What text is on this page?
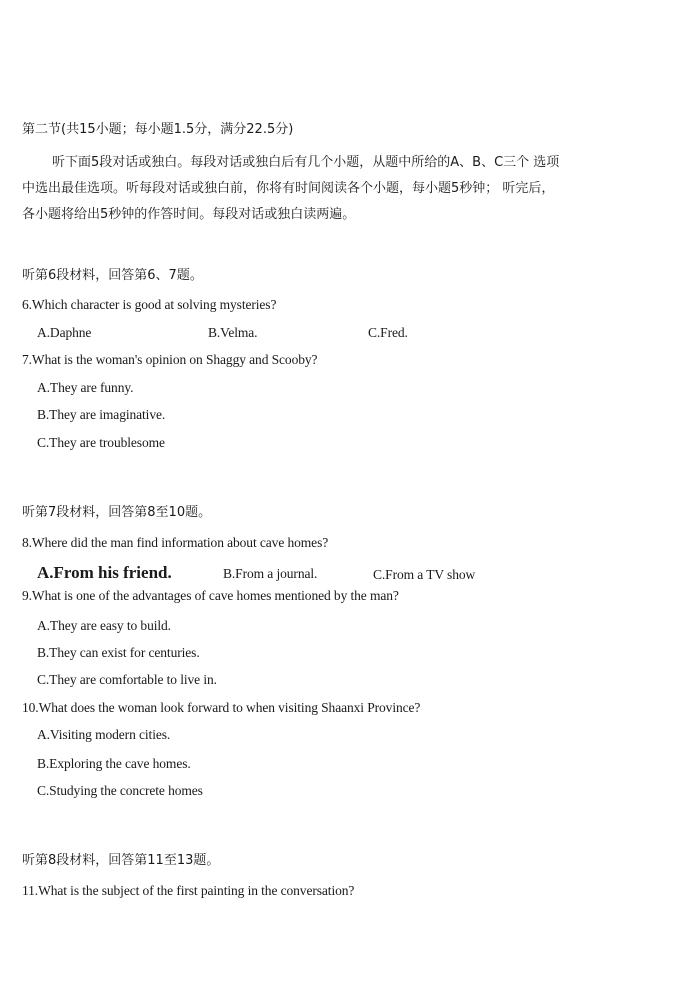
第二节(共15小题；每小题1.5分，满分22.5分)
听下面5段对话或独白。每段对话或独白后有几个小题，从题中所给的A、B、C三个 选项中选出最佳选项。听每段对话或独白前，你将有时间阅读各个小题，每小题5秒钟； 听完后，各小题将给出5秒钟的作答时间。每段对话或独白读两遍。
听第6段材料，回答第6、7题。
6.Which character is good at solving mysteries?
A.Daphne	B.Velma.	C.Fred.
7.What is the woman's opinion on Shaggy and Scooby?
A.They are funny.
B.They are imaginative.
C.They are troublesome
听第7段材料，回答第8至10题。
8.Where did the man find information about cave homes?
A.From his friend.	B.From a journal.	C.From a TV show
9.What is one of the advantages of cave homes mentioned by the man?
A.They are easy to build.
B.They can exist for centuries.
C.They are comfortable to live in.
10.What does the woman look forward to when visiting Shaanxi Province?
A.Visiting modern cities.
B.Exploring the cave homes.
C.Studying the concrete homes
听第8段材料，回答第11至13题。
11.What is the subject of the first painting in the conversation?
